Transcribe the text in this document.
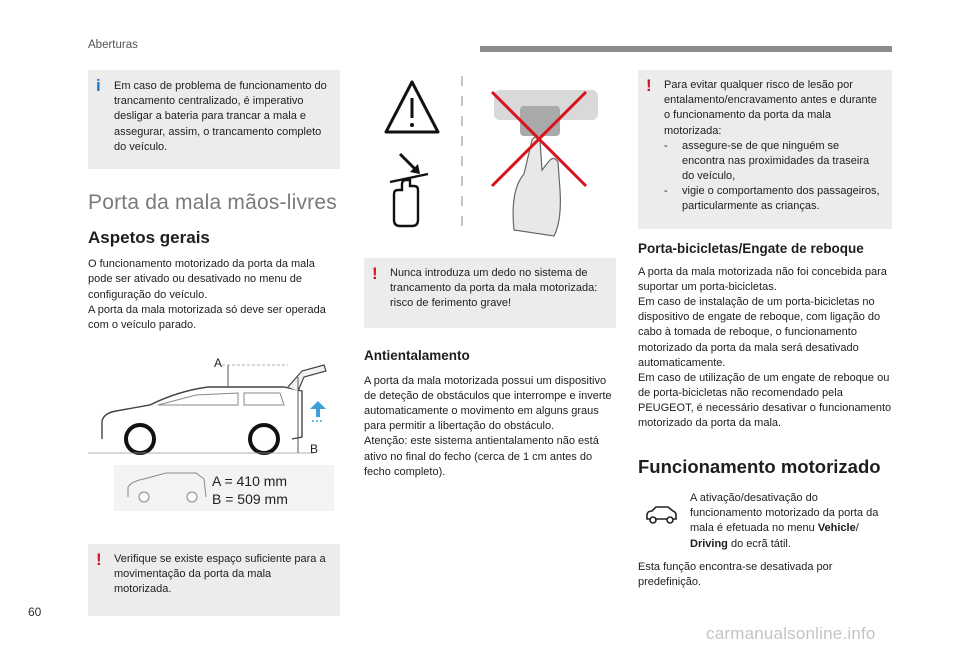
Aberturas
i Em caso de problema de funcionamento do trancamento centralizado, é imperativo desligar a bateria para trancar a mala e assegurar, assim, o trancamento completo do veículo.

Porta da mala mãos-livres
Aspetos gerais

O funcionamento motorizado da porta da mala pode ser ativado ou desativado no menu de configuração do veículo.

A porta da mala motorizada só deve ser operada com o veículo parado.

A
B
A = 410 mm
B = 509 mm
! Verifique se existe espaço suficiente para a movimentação da porta da mala motorizada.

! Nunca introduza um dedo no sistema de trancamento da porta da mala motorizada: risco de ferimento grave!

Antientalamento

A porta da mala motorizada possui um dispositivo de deteção de obstáculos que interrompe e inverte automaticamente o movimento em alguns graus para permitir a libertação do obstáculo.

Atenção: este sistema antientalamento não está ativo no final do fecho (cerca de 1 cm antes do fecho completo).

! Para evitar qualquer risco de lesão por entalamento/encravamento antes e durante o funcionamento da porta da mala motorizada:

-	assegure-se de que ninguém se encontra nas proximidades da traseira do veículo,
-	vigie o comportamento dos passageiros, particularmente as crianças.
Porta-bicicletas/Engate de reboque

A porta da mala motorizada não foi concebida para suportar um porta-bicicletas.

Em caso de instalação de um porta-bicicletas no dispositivo de engate de reboque, com ligação do cabo à tomada de reboque, o funcionamento motorizado da porta da mala será desativado automaticamente.

Em caso de utilização de um engate de reboque ou de porta-bicicletas não recomendado pela PEUGEOT, é necessário desativar o funcionamento motorizado da porta da mala.

Funcionamento motorizado

A ativação/desativação do funcionamento motorizado da porta da mala é efetuada no menu Vehicle/ Driving do ecrã tátil.

Esta função encontra-se desativada por predefinição.

60
carmanualsonline.info
